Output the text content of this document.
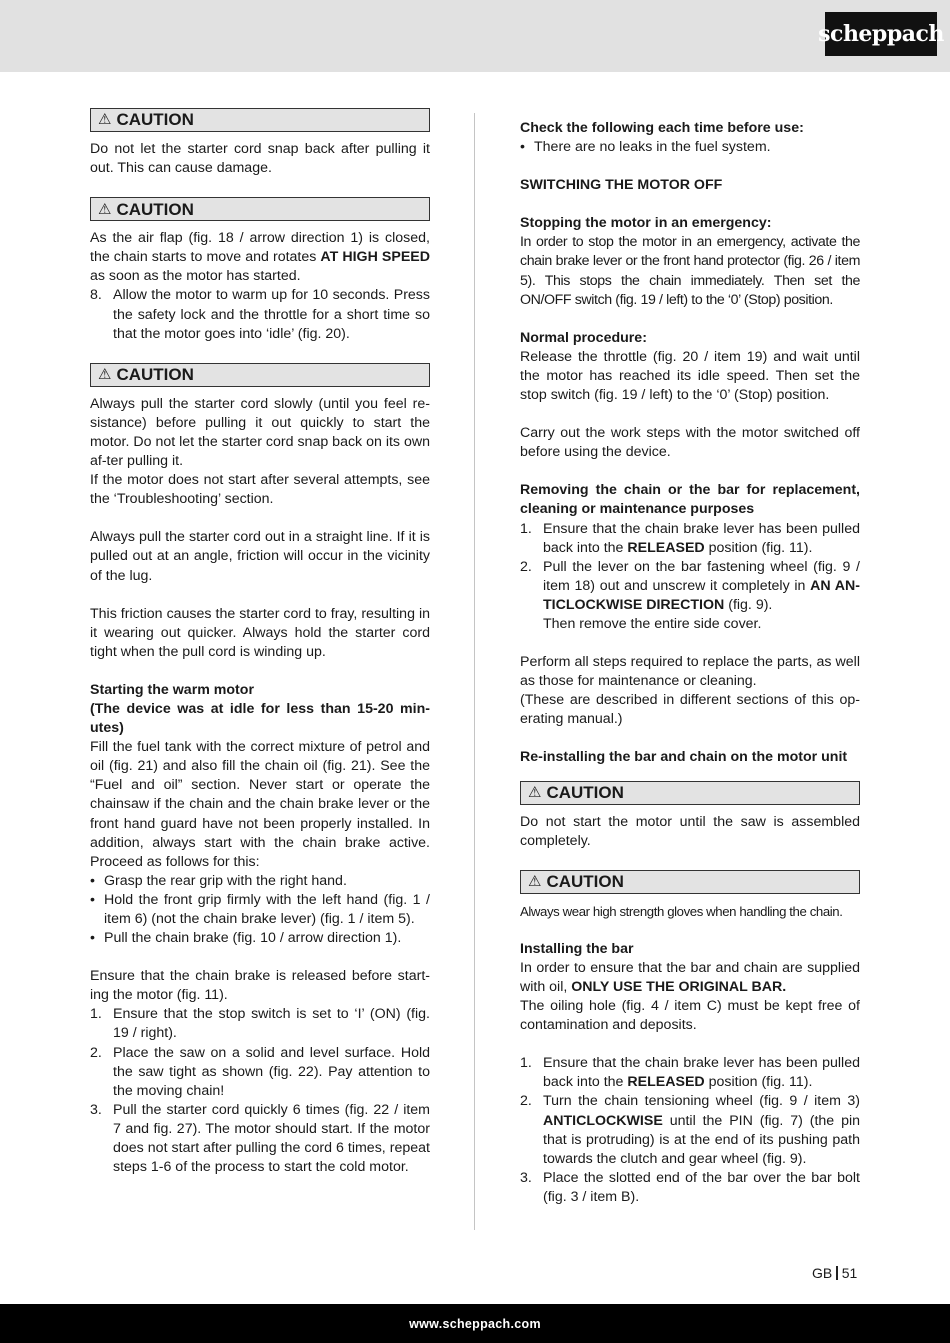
scheppach
⚠ CAUTION

Do not let the starter cord snap back after pulling it out. This can cause damage.

⚠ CAUTION

As the air flap (fig. 18 / arrow direction 1) is closed, the chain starts to move and rotates AT HIGH SPEED as soon as the motor has started.

8. Allow the motor to warm up for 10 seconds. Press the safety lock and the throttle for a short time so that the motor goes into ‘idle’ (fig. 20).
⚠ CAUTION

Always pull the starter cord slowly (until you feel re-sistance) before pulling it out quickly to start the motor. Do not let the starter cord snap back on its own af-ter pulling it.

If the motor does not start after several attempts, see the ‘Troubleshooting’ section.

Always pull the starter cord out in a straight line. If it is pulled out at an angle, friction will occur in the vicinity of the lug.

This friction causes the starter cord to fray, resulting in it wearing out quicker. Always hold the starter cord tight when the pull cord is winding up.

Starting the warm motor

(The device was at idle for less than 15-20 min-utes)

Fill the fuel tank with the correct mixture of petrol and oil (fig. 21) and also fill the chain oil (fig. 21). See the “Fuel and oil” section. Never start or operate the chainsaw if the chain and the chain brake lever or the front hand guard have not been properly installed. In addition, always start with the chain brake active. Proceed as follows for this:

• Grasp the rear grip with the right hand.
• Hold the front grip firmly with the left hand (fig. 1 / item 6) (not the chain brake lever) (fig. 1 / item 5).
• Pull the chain brake (fig. 10 / arrow direction 1).

Ensure that the chain brake is released before start-ing the motor (fig. 11).

1. Ensure that the stop switch is set to ‘I’ (ON) (fig. 19 / right).
2. Place the saw on a solid and level surface. Hold the saw tight as shown (fig. 22). Pay attention to the moving chain!
3. Pull the starter cord quickly 6 times (fig. 22 / item 7 and fig. 27). The motor should start. If the motor does not start after pulling the cord 6 times, repeat steps 1-6 of the process to start the cold motor.

Check the following each time before use:

• There are no leaks in the fuel system.

SWITCHING THE MOTOR OFF

Stopping the motor in an emergency:

In order to stop the motor in an emergency, activate the chain brake lever or the front hand protector (fig. 26 / item 5). This stops the chain immediately. Then set the ON/OFF switch (fig. 19 / left) to the ‘0’ (Stop) position.

Normal procedure:

Release the throttle (fig. 20 / item 19) and wait until the motor has reached its idle speed. Then set the stop switch (fig. 19 / left) to the ‘0’ (Stop) position.

Carry out the work steps with the motor switched off before using the device.

Removing the chain or the bar for replacement, cleaning or maintenance purposes

1. Ensure that the chain brake lever has been pulled back into the RELEASED position (fig. 11).
2. Pull the lever on the bar fastening wheel (fig. 9 / item 18) out and unscrew it completely in AN AN-TICLOCKWISE DIRECTION (fig. 9).
Then remove the entire side cover.

Perform all steps required to replace the parts, as well as those for maintenance or cleaning.

(These are described in different sections of this op-erating manual.)

Re-installing the bar and chain on the motor unit

⚠ CAUTION

Do not start the motor until the saw is assembled completely.

⚠ CAUTION

Always wear high strength gloves when handling the chain.

Installing the bar

In order to ensure that the bar and chain are supplied with oil, ONLY USE THE ORIGINAL BAR.

The oiling hole (fig. 4 / item C) must be kept free of contamination and deposits.

1. Ensure that the chain brake lever has been pulled back into the RELEASED position (fig. 11).
2. Turn the chain tensioning wheel (fig. 9 / item 3) ANTICLOCKWISE until the PIN (fig. 7) (the pin that is protruding) is at the end of its pushing path towards the clutch and gear wheel (fig. 9).
3. Place the slotted end of the bar over the bar bolt (fig. 3 / item B).
GB 51
www.scheppach.com
